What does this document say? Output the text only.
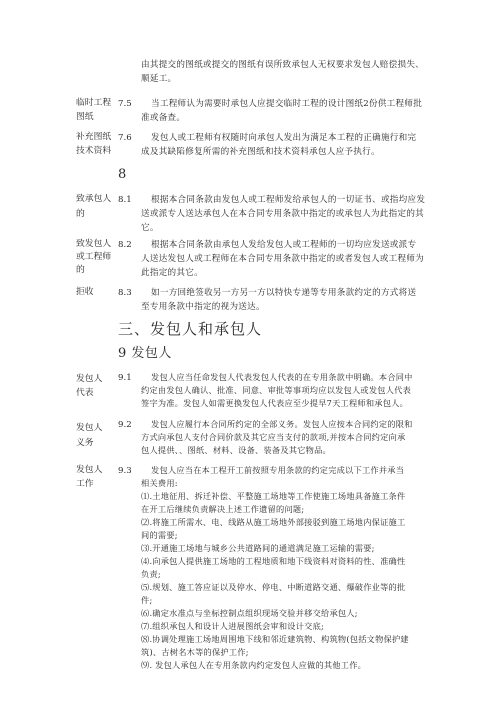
由其提交的图纸或提交的图纸有误所致承包人无权要求发包人赔偿损失、
顺延工。
临时工程
图纸
7.5 当工程师认为需要时承包人应提交临时工程的设计图纸2份供工程师批
准或备查。
补充图纸
技术资料
7.6 发包人或工程师有权随时向承包人发出为满足本工程的正确施行和完
成及其缺陷修复所需的补充图纸和技术资料承包人应予执行。
8
致承包人
的
8.1 根据本合同条款由发包人或工程师发给承包人的一切证书、或指均应发
送或派专人送达承包人在本合同专用条款中指定的或承包人为此指定的其
它。
致发包人
或工程师
的
8.2 根据本合同条款由承包人发给发包人或工程师的一切均应发送或派专
人送达发包人或工程师在本合同专用条款中指定的或者发包人或工程师为
此指定的其它。
拒收	8.3 如一方回绝签收另一方另一方以特快专递等专用条款约定的方式将送
至专用条款中指定的视为送达。
三、发包人和承包人
9 发包人
发包人
代表
9.1 发包人应当任命发包人代表发包人代表的在专用条款中明确。本合同中
约定由发包人确认、批准、同意、审批等事项均应以发包人或发包人代表
签字为准。发包人如需更换发包人代表应至少提早7天工程师和承包人。
发包人
义务
9.2 发包人应履行本合同所约定的全部义务。发包人应按本合同约定的限和
方式向承包人支付合同价款及其它应当支付的款项,并按本合同约定向承
包人提供、、图纸、材料、设备、装备及其它物品。
发包人
工作
9.3 发包人应当在本工程开工前按照专用条款的约定完成以下工作并承当
相关费用:
⑴.土地征用、拆迁补偿、平整施工场地等工作使施工场地具备施工条件
在开工后继续负责解决上述工作遗留的问题;
⑵.将施工所需水、电、线路从施工场地外部接驳到施工场地内保证施工
间的需要;
⑶.开通施工场地与城乡公共道路间的通道满足施工运输的需要;
⑷.向承包人提供施工场地的工程地质和地下线资料对资料的性、准确性
负责;
⑸.规划、施工答应证以及停水、停电、中断道路交通、爆破作业等的批
件;
⑹.确定水准点与坐标控制点组织现场交验并移交给承包人;
⑺.组织承包人和设计人进展图纸会审和设计交底;
⑻.协调处理施工场地周围地下线和邻近建筑物、构筑物(包括文物保护建
筑)、古树名木等的保护工作;
⑼. 发包人承包人在专用条款内约定发包人应做的其他工作。
